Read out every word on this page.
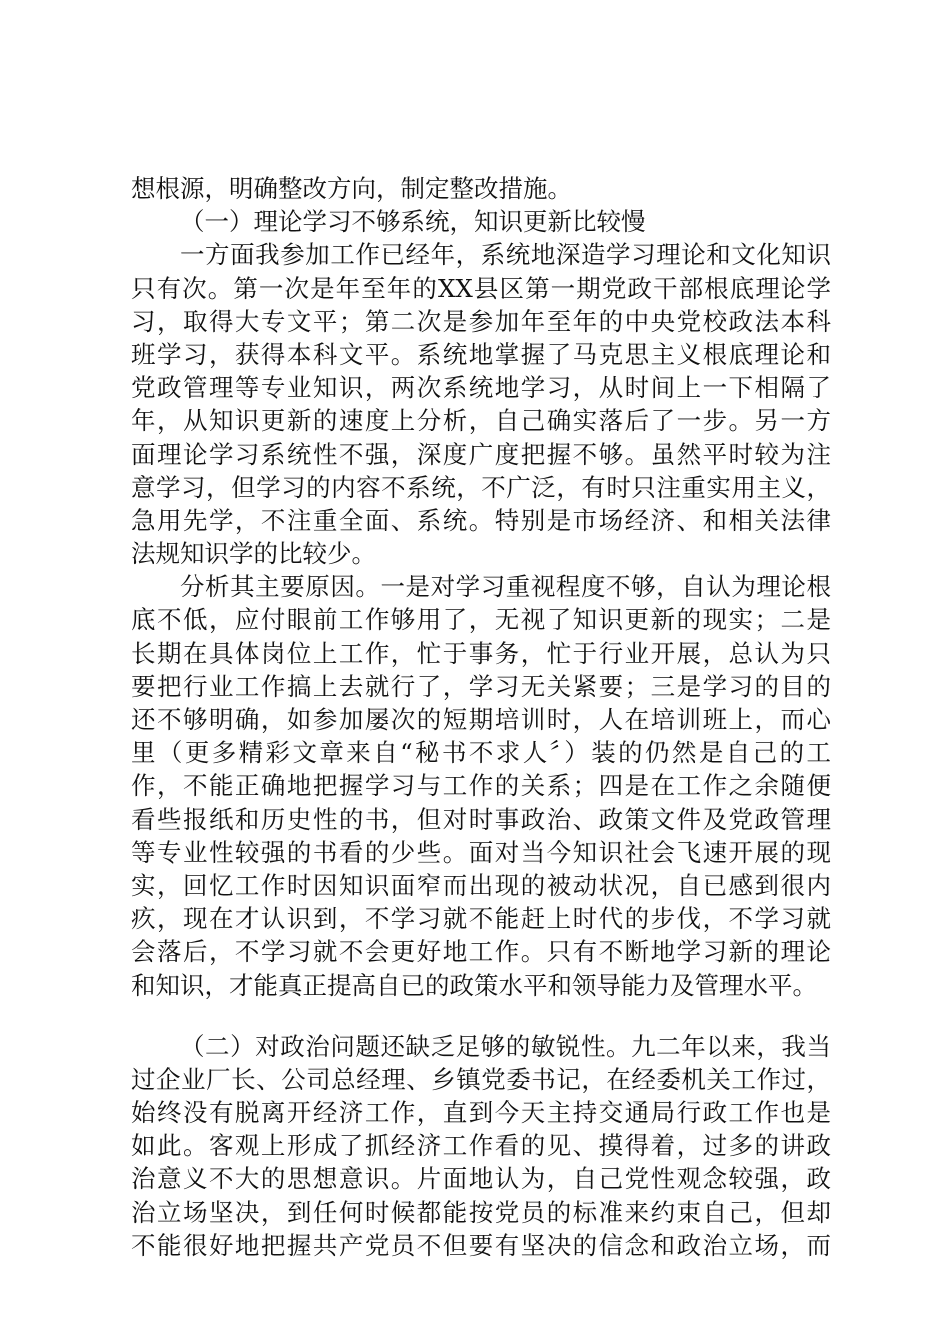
想根源，明确整改方向，制定整改措施。
（一）理论学习不够系统，知识更新比较慢
一方面我参加工作已经年，系统地深造学习理论和文化知识
只有次。第一次是年至年的XX县区第一期党政干部根底理论学
习，取得大专文平；第二次是参加年至年的中央党校政法本科
班学习，获得本科文平。系统地掌握了马克思主义根底理论和
党政管理等专业知识，两次系统地学习，从时间上一下相隔了
年，从知识更新的速度上分析，自己确实落后了一步。另一方
面理论学习系统性不强，深度广度把握不够。虽然平时较为注
意学习，但学习的内容不系统，不广泛，有时只注重实用主义，
急用先学，不注重全面、系统。特别是市场经济、和相关法律
法规知识学的比较少。
分析其主要原因。一是对学习重视程度不够，自认为理论根
底不低，应付眼前工作够用了，无视了知识更新的现实；二是
长期在具体岗位上工作，忙于事务，忙于行业开展，总认为只
要把行业工作搞上去就行了，学习无关紧要；三是学习的目的
还不够明确，如参加屡次的短期培训时，人在培训班上，而心
里（更多精彩文章来自“秘书不求人〞）装的仍然是自己的工
作，不能正确地把握学习与工作的关系；四是在工作之余随便
看些报纸和历史性的书，但对时事政治、政策文件及党政管理
等专业性较强的书看的少些。面对当今知识社会飞速开展的现
实，回忆工作时因知识面窄而出现的被动状况，自已感到很内
疚，现在才认识到，不学习就不能赶上时代的步伐，不学习就
会落后，不学习就不会更好地工作。只有不断地学习新的理论
和知识，才能真正提高自已的政策水平和领导能力及管理水平。
（二）对政治问题还缺乏足够的敏锐性。九二年以来，我当
过企业厂长、公司总经理、乡镇党委书记，在经委机关工作过，
始终没有脱离开经济工作，直到今天主持交通局行政工作也是
如此。客观上形成了抓经济工作看的见、摸得着，过多的讲政
治意义不大的思想意识。片面地认为，自己党性观念较强，政
治立场坚决，到任何时候都能按党员的标准来约束自己，但却
不能很好地把握共产党员不但要有坚决的信念和政治立场，而
